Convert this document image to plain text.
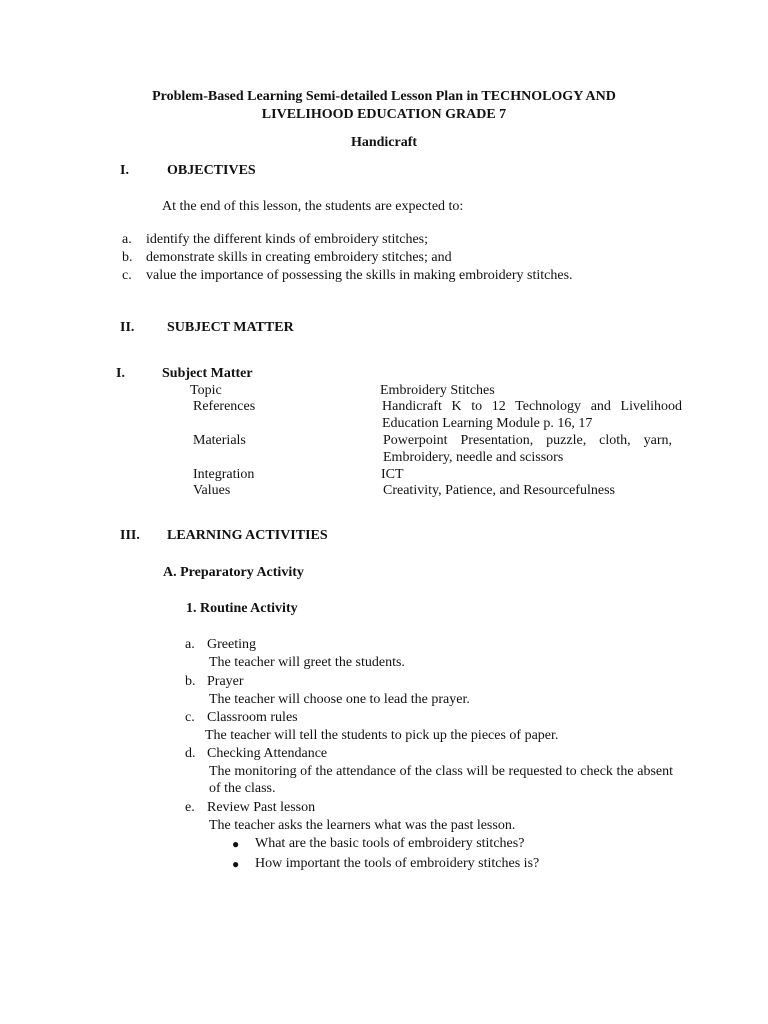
Problem-Based Learning Semi-detailed Lesson Plan in TECHNOLOGY AND
LIVELIHOOD EDUCATION GRADE 7
Handicraft
I.	OBJECTIVES
At the end of this lesson, the students are expected to:
a. identify the different kinds of embroidery stitches;
b. demonstrate skills in creating embroidery stitches; and
c. value the importance of possessing the skills in making embroidery stitches.
II. SUBJECT MATTER
I.	Subject Matter
Topic	Embroidery Stitches
References	Handicraft K to 12 Technology and Livelihood Education Learning Module p. 16, 17
Materials	Powerpoint Presentation, puzzle, cloth, yarn, Embroidery, needle and scissors
Integration	ICT
Values	Creativity, Patience, and Resourcefulness
III. LEARNING ACTIVITIES
A. Preparatory Activity
1. Routine Activity
a. Greeting
The teacher will greet the students.
b. Prayer
The teacher will choose one to lead the prayer.
c. Classroom rules
The teacher will tell the students to pick up the pieces of paper.
d. Checking Attendance
The monitoring of the attendance of the class will be requested to check the absent of the class.
e. Review Past lesson
The teacher asks the learners what was the past lesson.
● What are the basic tools of embroidery stitches?
● How important the tools of embroidery stitches is?
